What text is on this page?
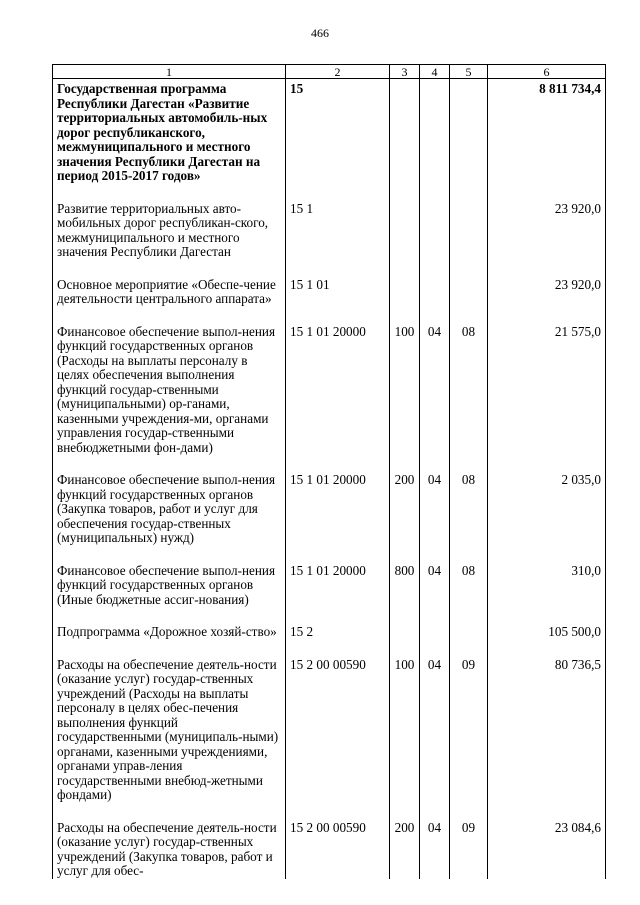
466
1	2	3	4	5	6
Государственная программа Республики Дагестан «Развитие территориальных автомобиль-ных дорог республиканского, межмуниципального и местного значения Республики Дагестан на период 2015-2017 годов»	15				8 811 734,4
Развитие территориальных авто-мобильных дорог республикан-ского, межмуниципального и местного значения Республики Дагестан	15 1				23 920,0
Основное мероприятие «Обеспе-чение деятельности центрального аппарата»	15 1 01				23 920,0
Финансовое обеспечение выпол-нения функций государственных органов (Расходы на выплаты персоналу в целях обеспечения выполнения функций государ-ственными (муниципальными) ор-ганами, казенными учреждения-ми, органами управления государ-ственными внебюджетными фон-дами)	15 1 01 20000	100	04	08	21 575,0
Финансовое обеспечение выпол-нения функций государственных органов (Закупка товаров, работ и услуг для обеспечения государ-ственных (муниципальных) нужд)	15 1 01 20000	200	04	08	2 035,0
Финансовое обеспечение выпол-нения функций государственных органов (Иные бюджетные ассиг-нования)	15 1 01 20000	800	04	08	310,0
Подпрограмма «Дорожное хозяй-ство»	15 2				105 500,0
Расходы на обеспечение деятель-ности (оказание услуг) государ-ственных учреждений (Расходы на выплаты персоналу в целях обес-печения выполнения функций государственными (муниципаль-ными) органами, казенными учреждениями, органами управ-ления государственными внебюд-жетными фондами)	15 2 00 00590	100	04	09	80 736,5
Расходы на обеспечение деятель-ности (оказание услуг) государ-ственных учреждений (Закупка товаров, работ и услуг для обес-	15 2 00 00590	200	04	09	23 084,6
